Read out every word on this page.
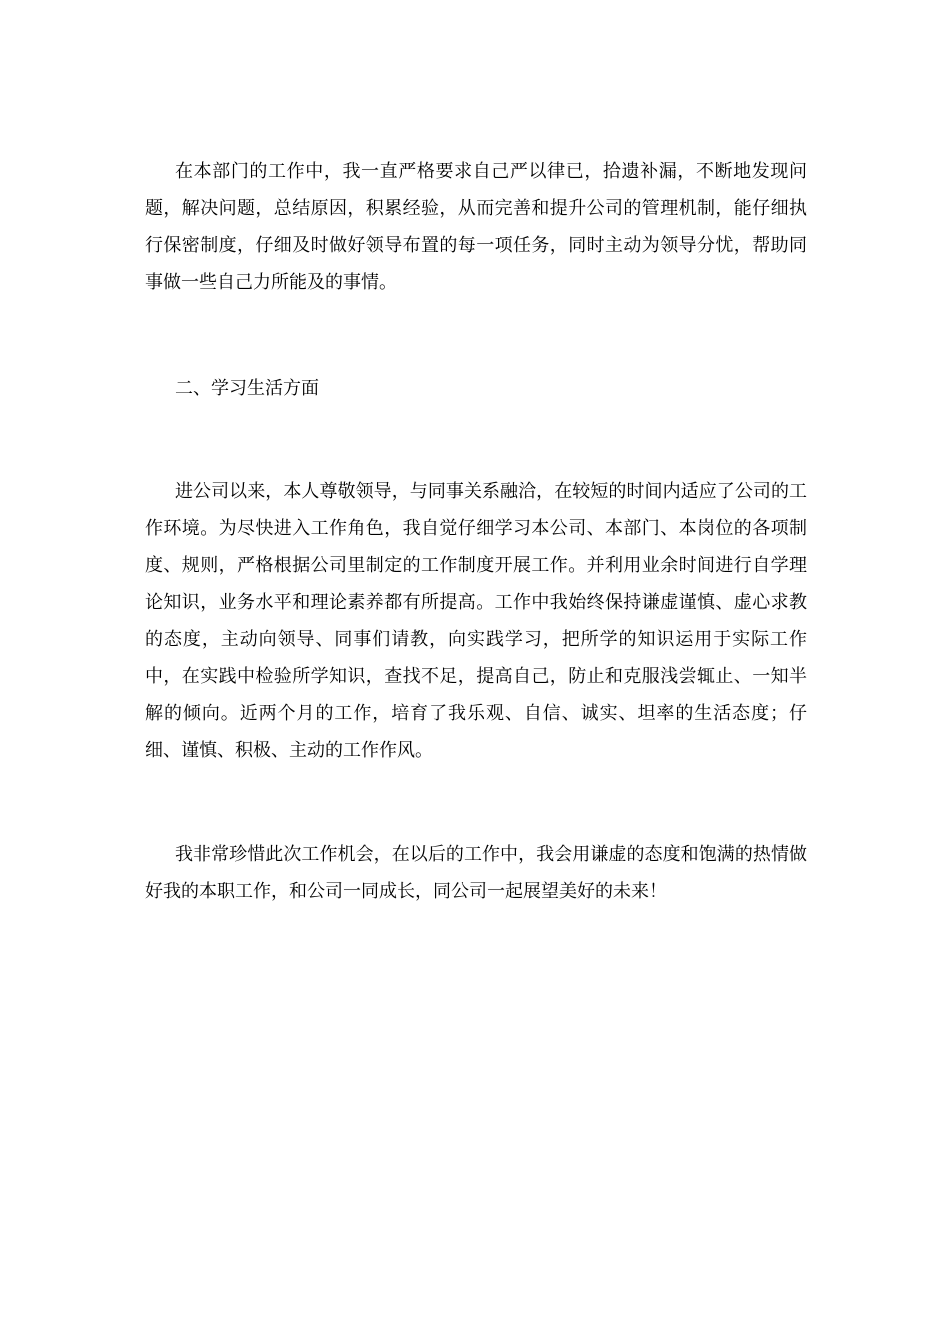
在本部门的工作中，我一直严格要求自己严以律已，拾遗补漏，不断地发现问题，解决问题，总结原因，积累经验，从而完善和提升公司的管理机制，能仔细执行保密制度，仔细及时做好领导布置的每一项任务，同时主动为领导分忧，帮助同事做一些自己力所能及的事情。

二、学习生活方面

进公司以来，本人尊敬领导，与同事关系融洽，在较短的时间内适应了公司的工作环境。为尽快进入工作角色，我自觉仔细学习本公司、本部门、本岗位的各项制度、规则，严格根据公司里制定的工作制度开展工作。并利用业余时间进行自学理论知识，业务水平和理论素养都有所提高。工作中我始终保持谦虚谨慎、虚心求教的态度，主动向领导、同事们请教，向实践学习，把所学的知识运用于实际工作中，在实践中检验所学知识，查找不足，提高自己，防止和克服浅尝辄止、一知半解的倾向。近两个月的工作，培育了我乐观、自信、诚实、坦率的生活态度；仔细、谨慎、积极、主动的工作作风。

我非常珍惜此次工作机会，在以后的工作中，我会用谦虚的态度和饱满的热情做好我的本职工作，和公司一同成长，同公司一起展望美好的未来！
